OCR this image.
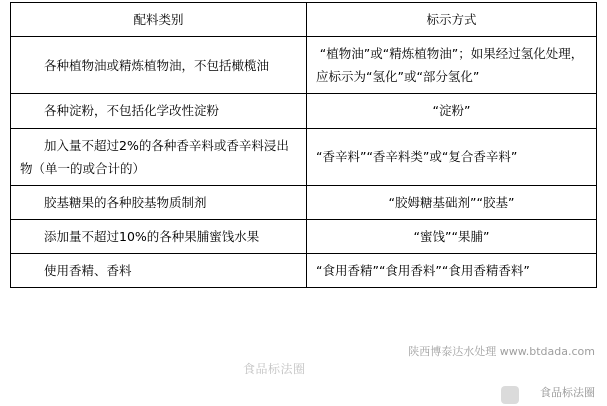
配料类别	标示方式

各种植物油或精炼植物油，不包括橄榄油	“植物油”或“精炼植物油”；如果经过氢化处理，应标示为“氢化”或“部分氢化”

各种淀粉，不包括化学改性淀粉	“淀粉”

加入量不超过2%的各种香辛料或香辛料浸出物（单一的或合计的）	“香辛料”“香辛料类”或“复合香辛料”

胶基糖果的各种胶基物质制剂	“胶姆糖基础剂”“胶基”

添加量不超过10%的各种果脯蜜饯水果	“蜜饯”“果脯”

使用香精、香料	“食用香精”“食用香料”“食用香精香料”
陕西博泰达水处理 www.btdada.com
食品标法圈
食品标法圈
